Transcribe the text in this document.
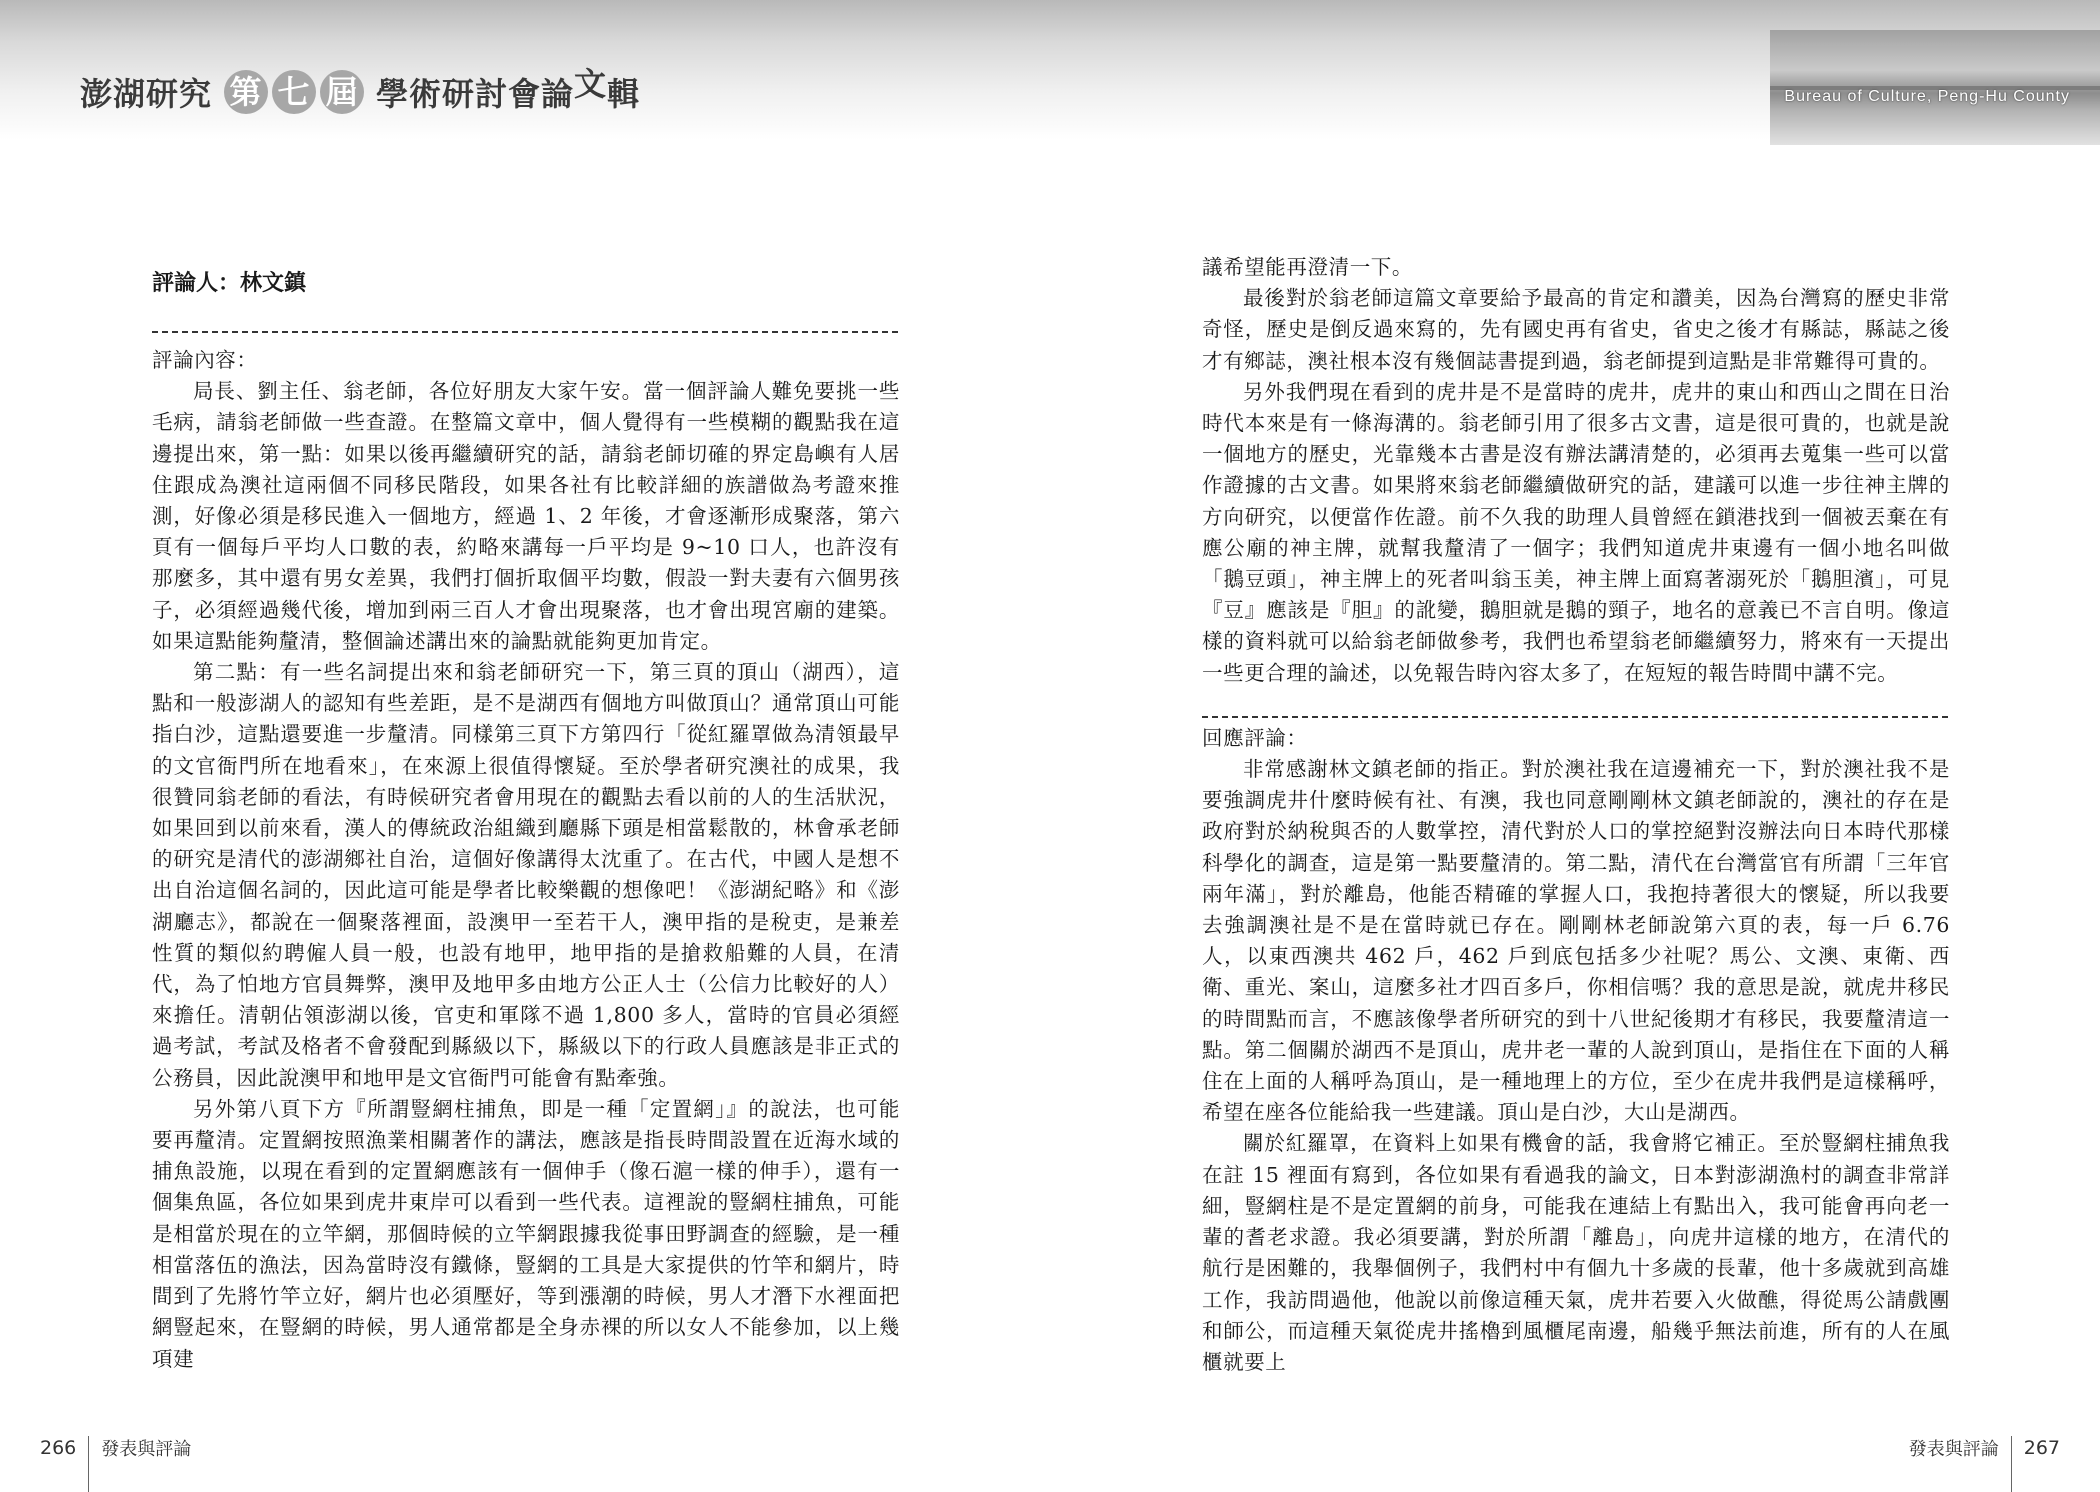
澎湖研究 第 七 屆 學術研討會論 文 輯	Bureau of Culture, Peng-Hu County
評論人：林文鎮

評論內容：

局長、劉主任、翁老師，各位好朋友大家午安。當一個評論人難免要挑一些毛病，請翁老師做一些查證。在整篇文章中，個人覺得有一些模糊的觀點我在這邊提出來，第一點：如果以後再繼續研究的話，請翁老師切確的界定島嶼有人居住跟成為澳社這兩個不同移民階段，如果各社有比較詳細的族譜做為考證來推測，好像必須是移民進入一個地方，經過 1、2 年後，才會逐漸形成聚落，第六頁有一個每戶平均人口數的表，約略來講每一戶平均是 9~10 口人，也許沒有那麼多，其中還有男女差異，我們打個折取個平均數，假設一對夫妻有六個男孩子，必須經過幾代後，增加到兩三百人才會出現聚落，也才會出現宮廟的建築。如果這點能夠釐清，整個論述講出來的論點就能夠更加肯定。

第二點：有一些名詞提出來和翁老師研究一下，第三頁的頂山（湖西），這點和一般澎湖人的認知有些差距，是不是湖西有個地方叫做頂山？通常頂山可能指白沙，這點還要進一步釐清。同樣第三頁下方第四行「從紅羅罩做為清領最早的文官衙門所在地看來」，在來源上很值得懷疑。至於學者研究澳社的成果，我很贊同翁老師的看法，有時候研究者會用現在的觀點去看以前的人的生活狀況，如果回到以前來看，漢人的傳統政治組織到廳縣下頭是相當鬆散的，林會承老師的研究是清代的澎湖鄉社自治，這個好像講得太沈重了。在古代，中國人是想不出自治這個名詞的，因此這可能是學者比較樂觀的想像吧！《澎湖紀略》和《澎湖廳志》，都說在一個聚落裡面，設澳甲一至若干人，澳甲指的是稅吏，是兼差性質的類似約聘僱人員一般，也設有地甲，地甲指的是搶救船難的人員，在清代，為了怕地方官員舞弊，澳甲及地甲多由地方公正人士（公信力比較好的人）來擔任。清朝佔領澎湖以後，官吏和軍隊不過 1,800 多人，當時的官員必須經過考試，考試及格者不會發配到縣級以下，縣級以下的行政人員應該是非正式的公務員，因此說澳甲和地甲是文官衙門可能會有點牽強。

另外第八頁下方『所謂豎網柱捕魚，即是一種「定置網」』的說法，也可能要再釐清。定置網按照漁業相關著作的講法，應該是指長時間設置在近海水域的捕魚設施，以現在看到的定置網應該有一個伸手（像石滬一樣的伸手），還有一個集魚區，各位如果到虎井東岸可以看到一些代表。這裡說的豎網柱捕魚，可能是相當於現在的立竿網，那個時候的立竿網跟據我從事田野調查的經驗，是一種相當落伍的漁法，因為當時沒有鐵條，豎網的工具是大家提供的竹竿和網片，時間到了先將竹竿立好，網片也必須壓好，等到漲潮的時候，男人才潛下水裡面把網豎起來，在豎網的時候，男人通常都是全身赤裸的所以女人不能參加，以上幾項建

議希望能再澄清一下。

最後對於翁老師這篇文章要給予最高的肯定和讚美，因為台灣寫的歷史非常奇怪，歷史是倒反過來寫的，先有國史再有省史，省史之後才有縣誌，縣誌之後才有鄉誌，澳社根本沒有幾個誌書提到過，翁老師提到這點是非常難得可貴的。

另外我們現在看到的虎井是不是當時的虎井，虎井的東山和西山之間在日治時代本來是有一條海溝的。翁老師引用了很多古文書，這是很可貴的，也就是說一個地方的歷史，光靠幾本古書是沒有辦法講清楚的，必須再去蒐集一些可以當作證據的古文書。如果將來翁老師繼續做研究的話，建議可以進一步往神主牌的方向研究，以便當作佐證。前不久我的助理人員曾經在鎖港找到一個被丟棄在有應公廟的神主牌，就幫我釐清了一個字；我們知道虎井東邊有一個小地名叫做「鵝豆頭」，神主牌上的死者叫翁玉美，神主牌上面寫著溺死於「鵝胆濱」，可見『豆』應該是『胆』的訛變，鵝胆就是鵝的頸子，地名的意義已不言自明。像這樣的資料就可以給翁老師做參考，我們也希望翁老師繼續努力，將來有一天提出一些更合理的論述，以免報告時內容太多了，在短短的報告時間中講不完。

回應評論：

非常感謝林文鎮老師的指正。對於澳社我在這邊補充一下，對於澳社我不是要強調虎井什麼時候有社、有澳，我也同意剛剛林文鎮老師說的，澳社的存在是政府對於納稅與否的人數掌控，清代對於人口的掌控絕對沒辦法向日本時代那樣科學化的調查，這是第一點要釐清的。第二點，清代在台灣當官有所謂「三年官兩年滿」，對於離島，他能否精確的掌握人口，我抱持著很大的懷疑，所以我要去強調澳社是不是在當時就已存在。剛剛林老師說第六頁的表，每一戶 6.76 人，以東西澳共 462 戶，462 戶到底包括多少社呢？馬公、文澳、東衛、西衛、重光、案山，這麼多社才四百多戶，你相信嗎？我的意思是說，就虎井移民的時間點而言，不應該像學者所研究的到十八世紀後期才有移民，我要釐清這一點。第二個關於湖西不是頂山，虎井老一輩的人說到頂山，是指住在下面的人稱住在上面的人稱呼為頂山，是一種地理上的方位，至少在虎井我們是這樣稱呼，希望在座各位能給我一些建議。頂山是白沙，大山是湖西。

關於紅羅罩，在資料上如果有機會的話，我會將它補正。至於豎網柱捕魚我在註 15 裡面有寫到，各位如果有看過我的論文，日本對澎湖漁村的調查非常詳細，豎網柱是不是定置網的前身，可能我在連結上有點出入，我可能會再向老一輩的耆老求證。我必須要講，對於所謂「離島」，向虎井這樣的地方，在清代的航行是困難的，我舉個例子，我們村中有個九十多歲的長輩，他十多歲就到高雄工作，我訪問過他，他說以前像這種天氣，虎井若要入火做醮，得從馬公請戲團和師公，而這種天氣從虎井搖櫓到風櫃尾南邊，船幾乎無法前進，所有的人在風櫃就要上

266 發表與評論	發表與評論 267
